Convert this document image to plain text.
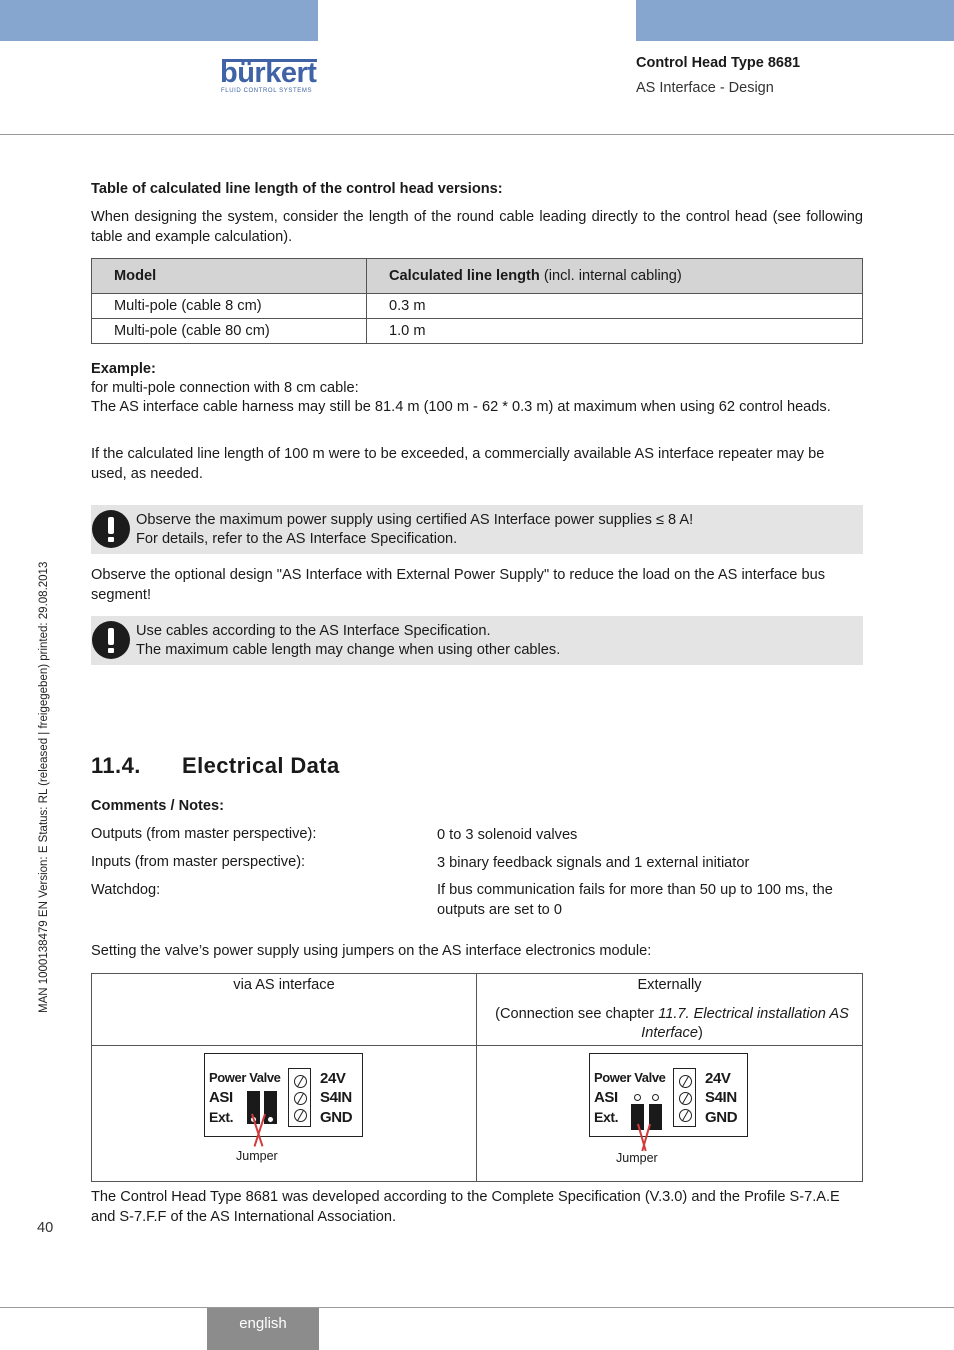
bürkert
FLUID CONTROL SYSTEMS
Control Head Type 8681
AS Interface - Design
Table of calculated line length of the control head versions:
When designing the system, consider the length of the round cable leading directly to the control head (see following table and example calculation).
Model	Calculated line length (incl. internal cabling)
Multi-pole (cable 8 cm)	0.3 m
Multi-pole (cable 80 cm)	1.0 m
Example:
for multi-pole connection with 8 cm cable:
The AS interface cable harness may still be 81.4 m (100 m - 62 * 0.3 m) at maximum when using 62 control heads.
If the calculated line length of 100 m were to be exceeded, a commercially available AS interface repeater may be used, as needed.
Observe the maximum power supply using certified AS Interface power supplies ≤ 8 A!
For details, refer to the AS Interface Specification.
Observe the optional design "AS Interface with External Power Supply" to reduce the load on the AS interface bus segment!
Use cables according to the AS Interface Specification.
The maximum cable length may change when using other cables.
11.4. Electrical Data
Comments / Notes:
Outputs (from master perspective):	0 to 3 solenoid valves
Inputs (from master perspective):	3 binary feedback signals and 1 external initiator
Watchdog:	If bus communication fails for more than 50 up to 100 ms, the outputs are set to 0
Setting the valve’s power supply using jumpers on the AS interface electronics module:
via AS interface	Externally
(Connection see chapter 11.7. Electrical installation AS Interface)
Power Valve
ASI
Ext.
24V
S4IN
GND
Jumper
Power Valve
ASI
Ext.
24V
S4IN
GND
Jumper
The Control Head Type 8681 was developed according to the Complete Specification (V.3.0) and the Profile S-7.A.E and S-7.F.F of the AS International Association.
MAN 1000138479 EN Version: E Status: RL (released | freigegeben) printed: 29.08.2013
40
english
